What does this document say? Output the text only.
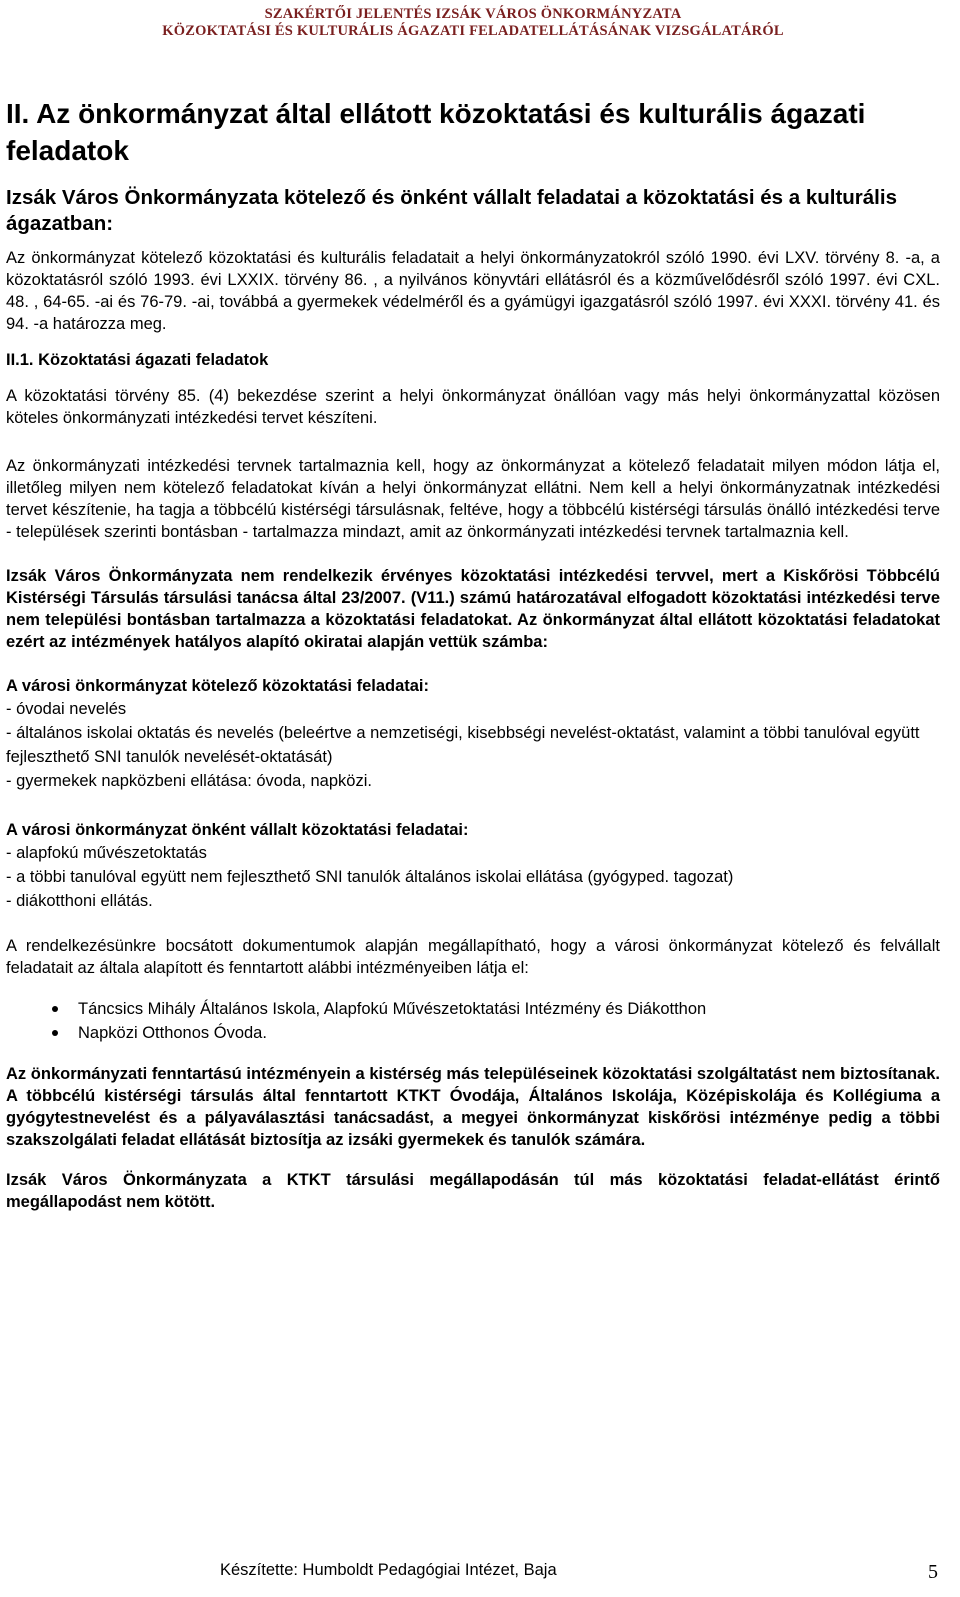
SZAKÉRTŐI JELENTÉS IZSÁK VÁROS ÖNKORMÁNYZATA
KÖZOKTATÁSI ÉS KULTURÁLIS ÁGAZATI FELADATELLÁTÁSÁNAK VIZSGÁLATÁRÓL
II. Az önkormányzat által ellátott közoktatási és kulturális ágazati feladatok
Izsák Város Önkormányzata kötelező és önként vállalt feladatai a közoktatási és a kulturális ágazatban:

Az önkormányzat kötelező közoktatási és kulturális feladatait a helyi önkormányzatokról szóló 1990. évi LXV. törvény 8. -a, a közoktatásról szóló 1993. évi LXXIX. törvény 86. , a nyilvános könyvtári ellátásról és a közművelődésről szóló 1997. évi CXL. 48. , 64-65. -ai és 76-79. -ai, továbbá a gyermekek védelméről és a gyámügyi igazgatásról szóló 1997. évi XXXI. törvény 41. és 94. -a határozza meg.

II.1. Közoktatási ágazati feladatok

A közoktatási törvény 85. (4) bekezdése szerint a helyi önkormányzat önállóan vagy más helyi önkormányzattal közösen köteles önkormányzati intézkedési tervet készíteni.

Az önkormányzati intézkedési tervnek tartalmaznia kell, hogy az önkormányzat a kötelező feladatait milyen módon látja el, illetőleg milyen nem kötelező feladatokat kíván a helyi önkormányzat ellátni. Nem kell a helyi önkormányzatnak intézkedési tervet készítenie, ha tagja a többcélú kistérségi társulásnak, feltéve, hogy a többcélú kistérségi társulás önálló intézkedési terve - települések szerinti bontásban - tartalmazza mindazt, amit az önkormányzati intézkedési tervnek tartalmaznia kell.

Izsák Város Önkormányzata nem rendelkezik érvényes közoktatási intézkedési tervvel, mert a Kiskőrösi Többcélú Kistérségi Társulás társulási tanácsa által 23/2007. (V11.) számú határozatával elfogadott közoktatási intézkedési terve nem települési bontásban tartalmazza a közoktatási feladatokat. Az önkormányzat által ellátott közoktatási feladatokat ezért az intézmények hatályos alapító okiratai alapján vettük számba:

A városi önkormányzat kötelező közoktatási feladatai:
- óvodai nevelés
- általános iskolai oktatás és nevelés (beleértve a nemzetiségi, kisebbségi nevelést-oktatást, valamint a többi tanulóval együtt fejleszthető SNI tanulók nevelését-oktatását)
- gyermekek napközbeni ellátása: óvoda, napközi.
A városi önkormányzat önként vállalt közoktatási feladatai:
- alapfokú művészetoktatás
- a többi tanulóval együtt nem fejleszthető SNI tanulók általános iskolai ellátása (gyógyped. tagozat)
- diákotthoni ellátás.

A rendelkezésünkre bocsátott dokumentumok alapján megállapítható, hogy a városi önkormányzat kötelező és felvállalt feladatait az általa alapított és fenntartott alábbi intézményeiben látja el:

Táncsics Mihály Általános Iskola, Alapfokú Művészetoktatási Intézmény és Diákotthon
Napközi Otthonos Óvoda.

Az önkormányzati fenntartású intézményein a kistérség más településeinek közoktatási szolgáltatást nem biztosítanak. A többcélú kistérségi társulás által fenntartott KTKT Óvodája, Általános Iskolája, Középiskolája és Kollégiuma a gyógytestnevelést és a pályaválasztási tanácsadást, a megyei önkormányzat kiskőrösi intézménye pedig a többi szakszolgálati feladat ellátását biztosítja az izsáki gyermekek és tanulók számára.

Izsák Város Önkormányzata a KTKT társulási megállapodásán túl más közoktatási feladat-ellátást érintő megállapodást nem kötött.

Készítette: Humboldt Pedagógiai Intézet, Baja	5
